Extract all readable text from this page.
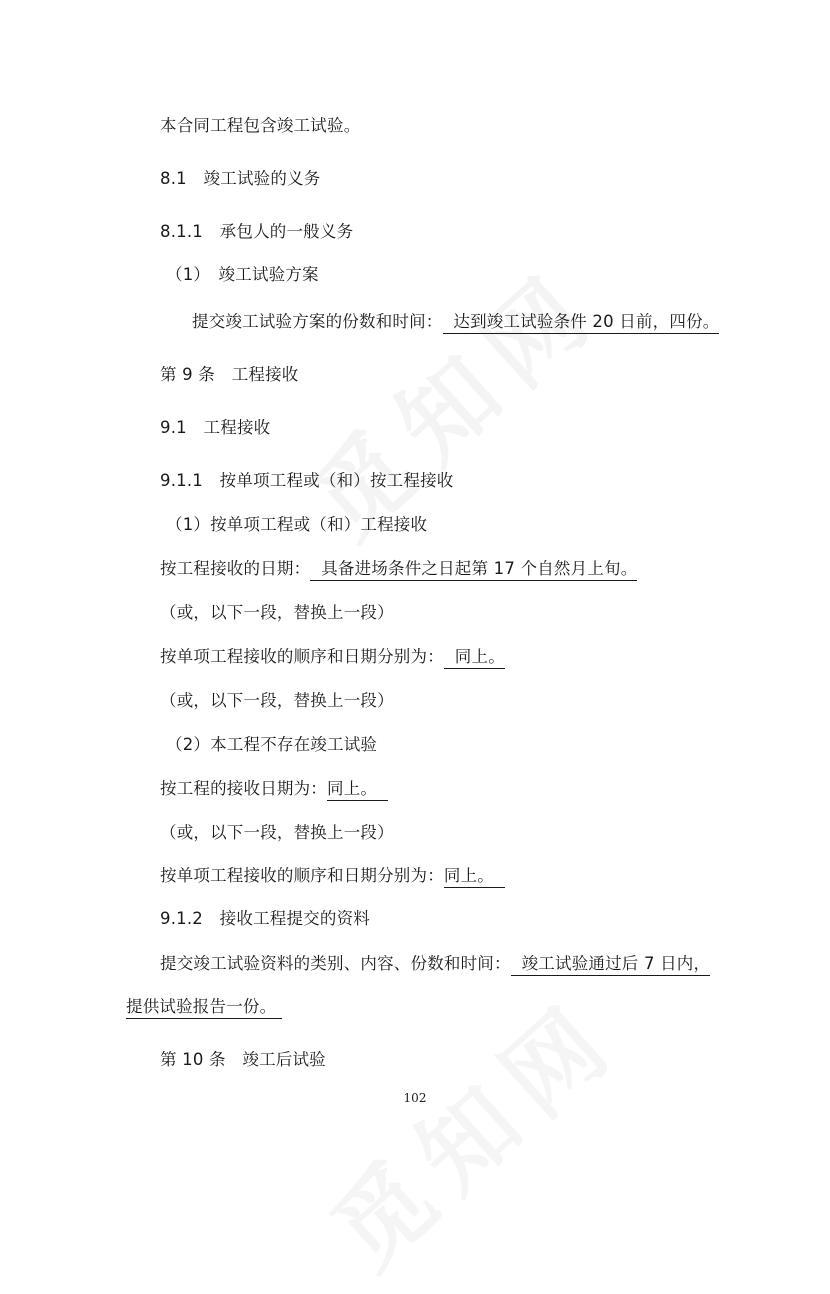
本合同工程包含竣工试验。
8.1　竣工试验的义务
8.1.1　承包人的一般义务
（1）　竣工试验方案
提交竣工试验方案的份数和时间： 达到竣工试验条件 20 日前，四份。
第 9 条　工程接收
9.1　工程接收
9.1.1　按单项工程或（和）按工程接收
（1）按单项工程或（和）工程接收
按工程接收的日期： 具备进场条件之日起第 17 个自然月上旬。
（或，以下一段，替换上一段）
按单项工程接收的顺序和日期分别为： 同上。
（或，以下一段，替换上一段）
（2）本工程不存在竣工试验
按工程的接收日期为：同上。
（或，以下一段，替换上一段）
按单项工程接收的顺序和日期分别为：同上。
9.1.2　接收工程提交的资料
提交竣工试验资料的类别、内容、份数和时间： 竣工试验通过后 7 日内，
提供试验报告一份。
第 10 条　竣工后试验
102
